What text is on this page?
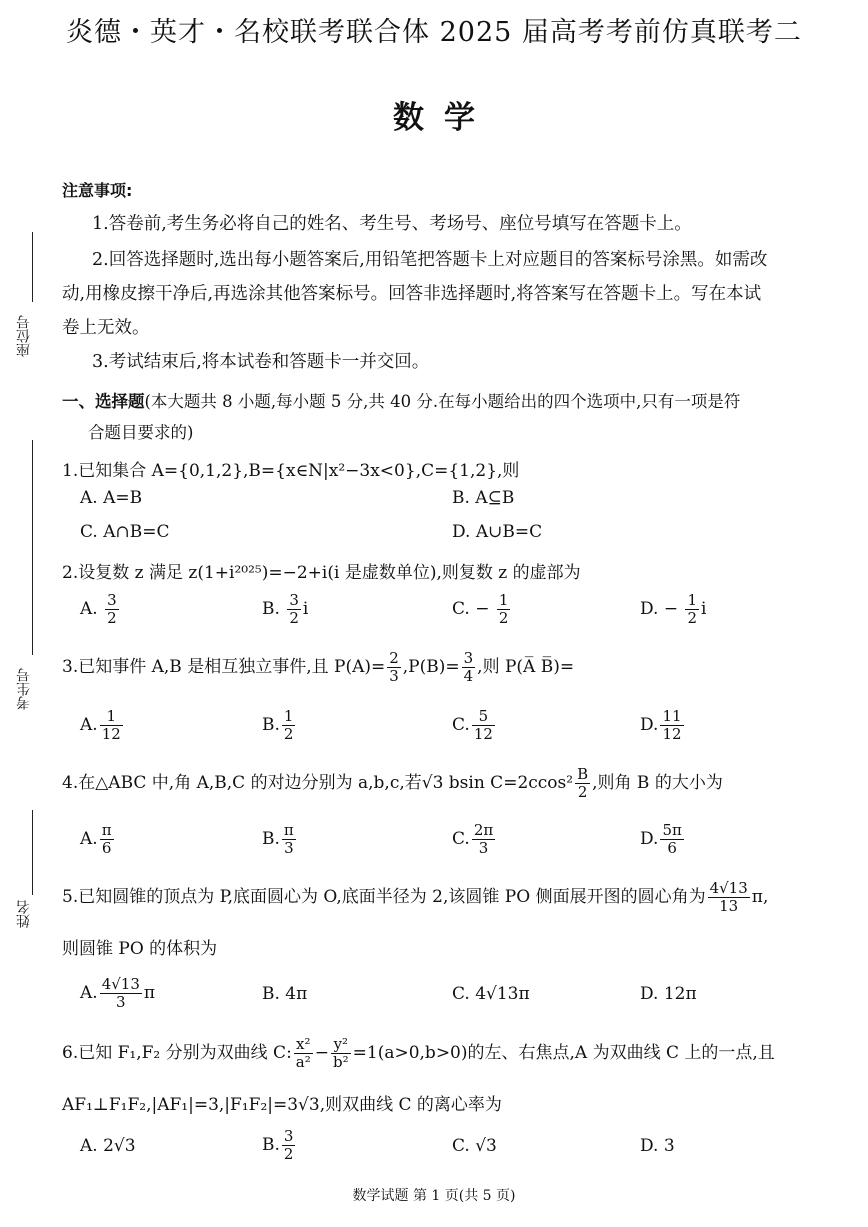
炎德・英才・名校联考联合体 2025 届高考考前仿真联考二
数学
座位号
考生号
姓名
注意事项:
1.答卷前,考生务必将自己的姓名、考生号、考场号、座位号填写在答题卡上。
2.回答选择题时,选出每小题答案后,用铅笔把答题卡上对应题目的答案标号涂黑。如需改
动,用橡皮擦干净后,再选涂其他答案标号。回答非选择题时,将答案写在答题卡上。写在本试
卷上无效。
3.考试结束后,将本试卷和答题卡一并交回。
一、选择题(本大题共 8 小题,每小题 5 分,共 40 分.在每小题给出的四个选项中,只有一项是符
合题目要求的)
1.已知集合 A={0,1,2},B={x∈N|x²−3x<0},C={1,2},则
A. A=B	B. A⊆B
C. A∩B=C	D. A∪B=C
2.设复数 z 满足 z(1+i²⁰²⁵)=−2+i(i 是虚数单位),则复数 z 的虚部为
A. $\frac{3}{2}$	B. $\frac{3}{2}$ i	C. − $\frac{1}{2}$	D. − $\frac{1}{2}$ i
3.已知事件 A,B 是相互独立事件,且 $P(A)= \frac{2}{3} ,P(B)= \frac{3}{4}$ ,则 P(A̅ B̅)=
A. $\frac{1}{12}$	B. $\frac{1}{2}$	C. $\frac{5}{12}$	D. $\frac{11}{12}$
4.在△ABC 中,角 A,B,C 的对边分别为 a,b,c,若√3 bsin $C=2ccos^2 \frac{B}{2}$ ,则角 B 的大小为
A. $\frac{\pi}{6}$	B. $\frac{\pi}{3}$	C. $\frac{2\pi}{3}$	D. $\frac{5\pi}{6}$
5.已知圆锥的顶点为 P,底面圆心为 O,底面半径为 2,该圆锥 PO 侧面展开图的圆心角为 $\frac{4√13}{13} \pi$,
则圆锥 PO 的体积为
A. $\frac{4√13}{3}$ π	B. 4π	C. 4√13π	D. 12π
6.已知 F₁,F₂ 分别为双曲线 C: $\frac{\text{x²}}{\text{a²}} - \frac{\text{y²}}{\text{b²}} =1(a>0,b>0)$的左、右焦点,A 为双曲线 C 上的一点,且
AF₁⊥F₁F₂,|AF₁|=3,|F₁F₂|=3√3,则双曲线 C 的离心率为
A. 2√3	B. $\frac{3}{2}$	C. √3	D. 3
数学试题 第 1 页(共 5 页)
